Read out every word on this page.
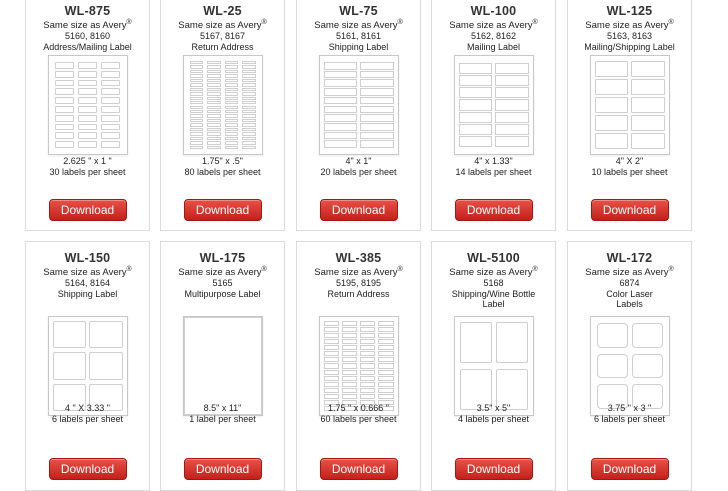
WL-875
Same size as Avery®
5160, 8160
Address/Mailing Label
2.625 " x 1 "
30 labels per sheet
Download
WL-25
Same size as Avery®
5167, 8167
Return Address
1.75" x .5"
80 labels per sheet
Download
WL-75
Same size as Avery®
5161, 8161
Shipping Label
4" x 1"
20 labels per sheet
Download
WL-100
Same size as Avery®
5162, 8162
Mailing Label
4" x 1.33"
14 labels per sheet
Download
WL-125
Same size as Avery®
5163, 8163
Mailing/Shipping Label
4" X 2"
10 labels per sheet
Download
WL-150
Same size as Avery®
5164, 8164
Shipping Label
4 " X 3.33 "
6 labels per sheet
Download
WL-175
Same size as Avery®
5165
Multipurpose Label
8.5" x 11"
1 label per sheet
Download
WL-385
Same size as Avery®
5195, 8195
Return Address
1.75 " x 0.666 "
60 labels per sheet
Download
WL-5100
Same size as Avery®
5168
Shipping/Wine Bottle
Label
3.5" x 5"
4 labels per sheet
Download
WL-172
Same size as Avery®
6874
Color Laser
Labels
3.75 " x 3 "
6 labels per sheet
Download
